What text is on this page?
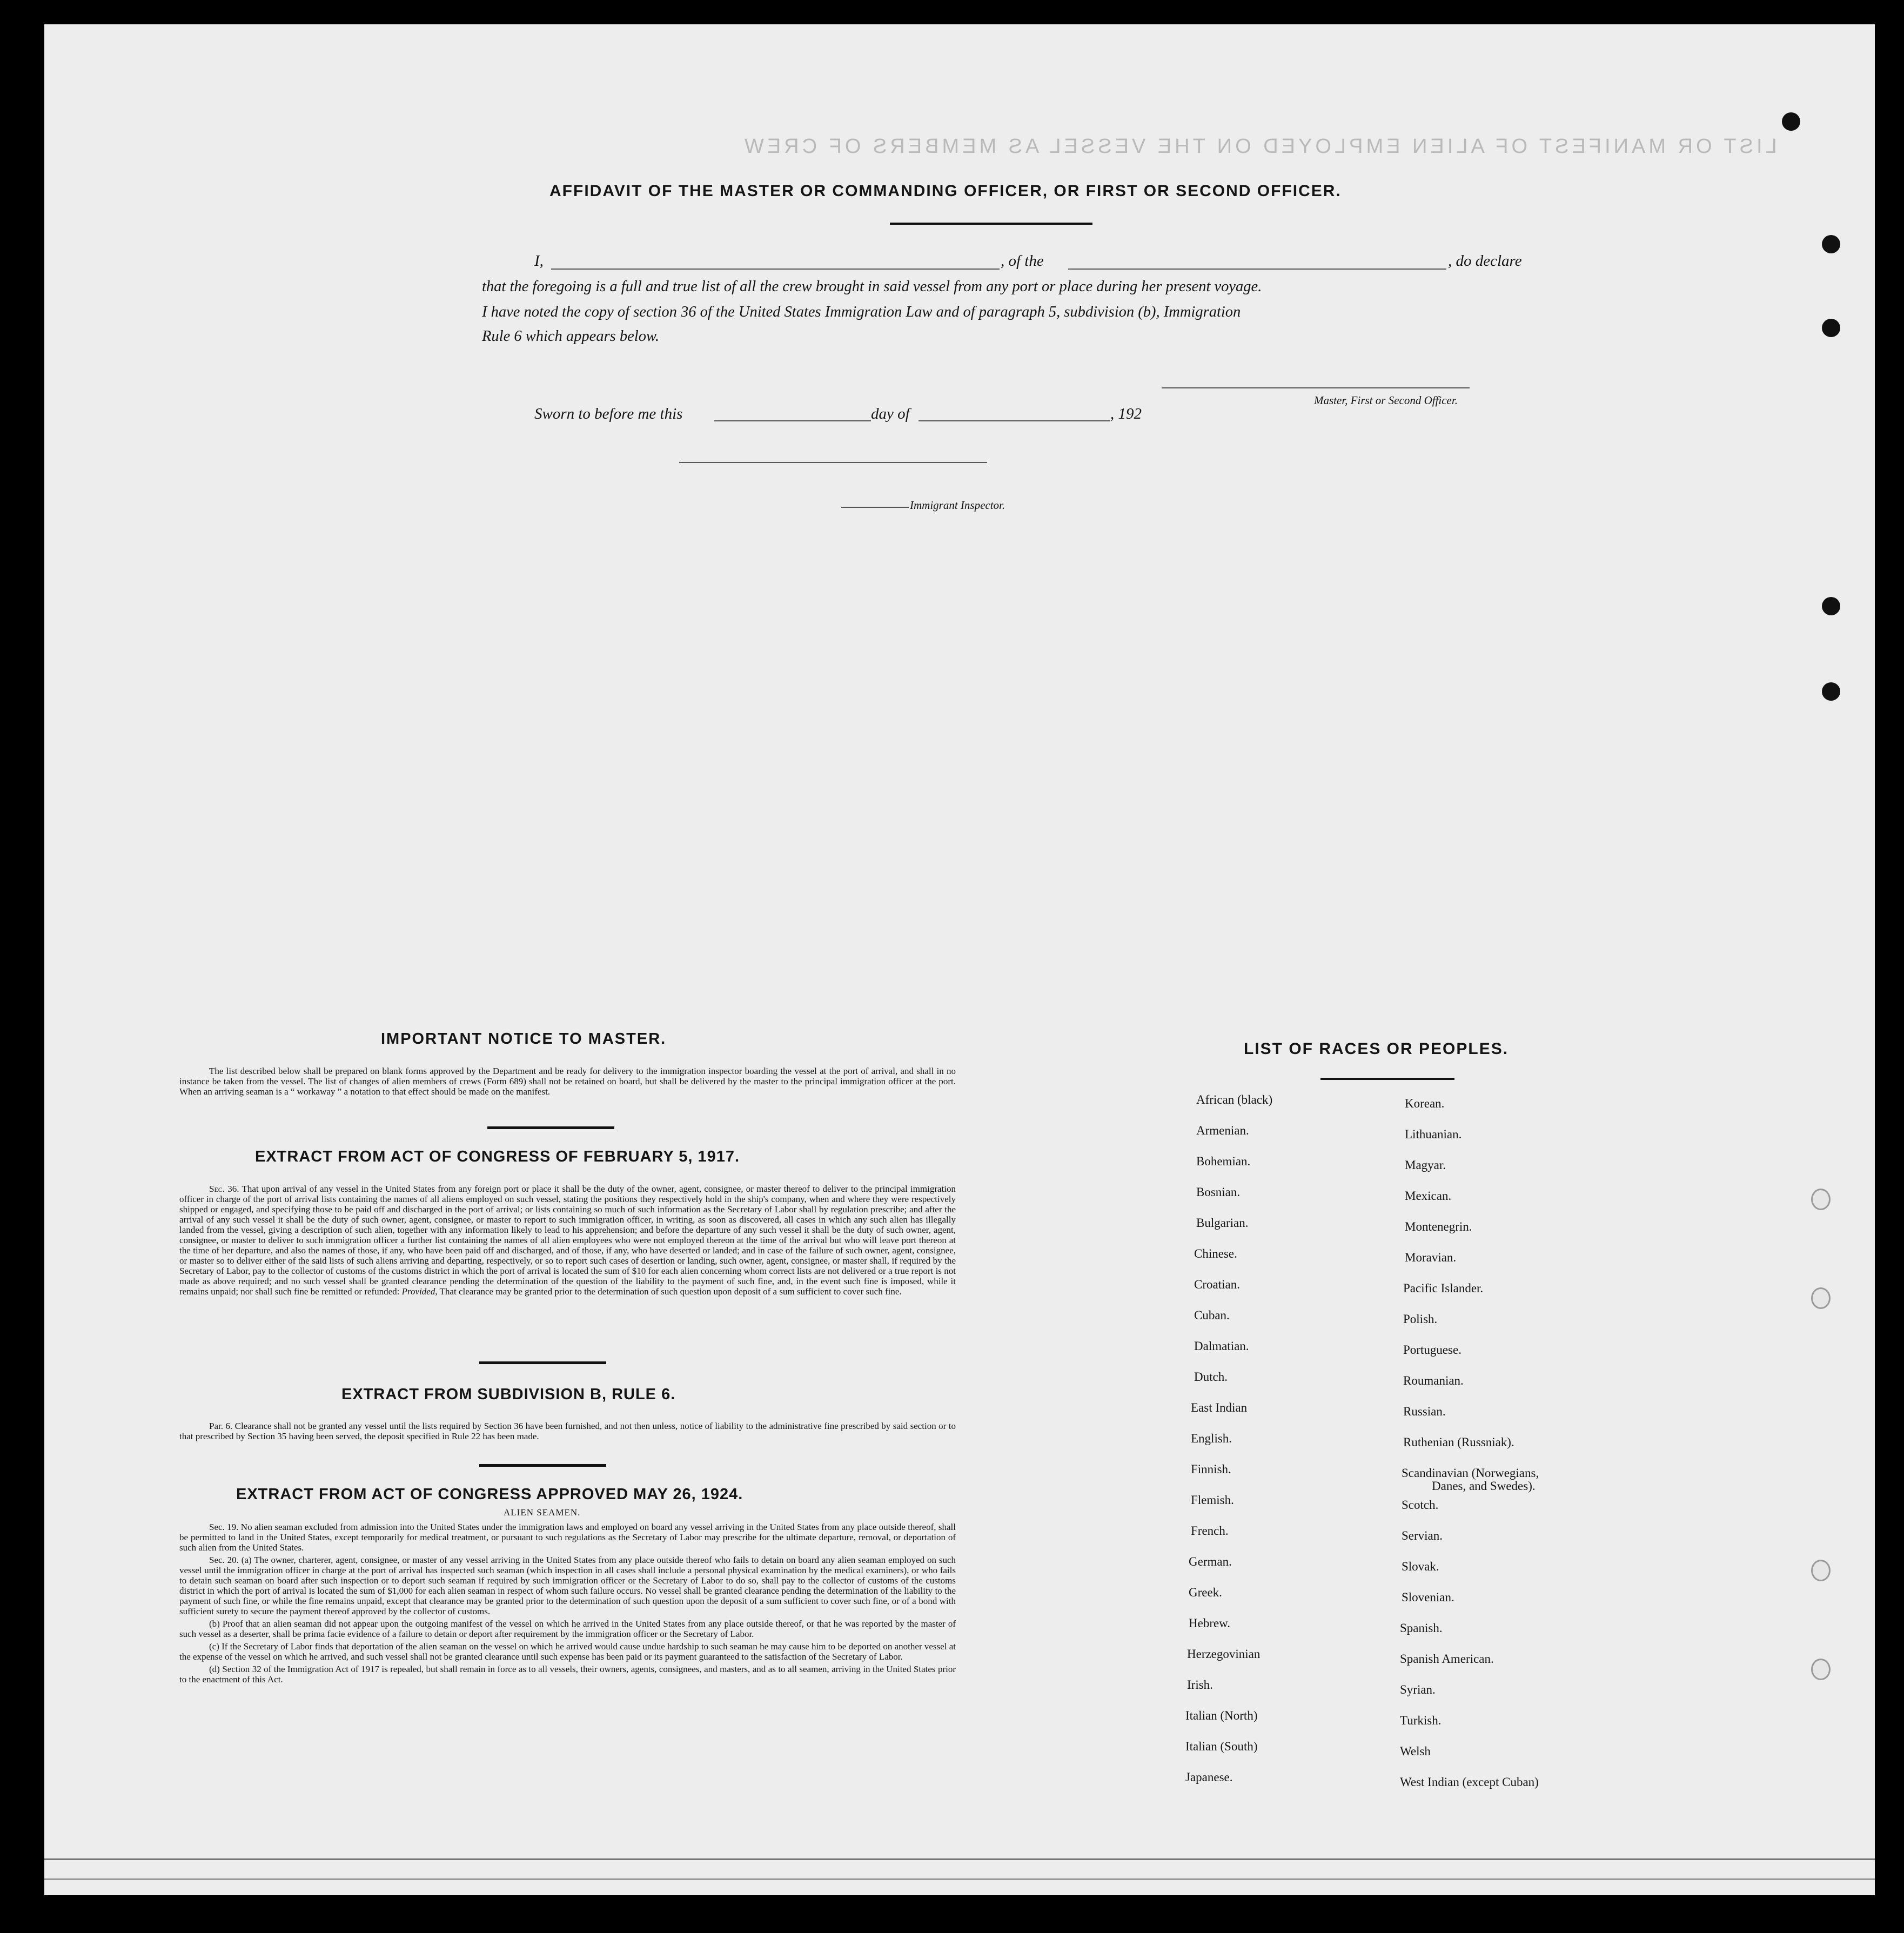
LIST OR MANIFEST OF ALIEN EMPLOYED ON THE VESSEL AS MEMBERS OF CREW
AFFIDAVIT OF THE MASTER OR COMMANDING OFFICER, OR FIRST OR SECOND OFFICER.
I,	, of the	, do declare
that the foregoing is a full and true list of all the crew brought in said vessel from any port or place during her present voyage.
I have noted the copy of section 36 of the United States Immigration Law and of paragraph 5, subdivision (b), Immigration
Rule 6 which appears below.
Master, First or Second Officer.
Sworn to before me this	day of	, 192
Immigrant Inspector.
IMPORTANT NOTICE TO MASTER.

The list described below shall be prepared on blank forms approved by the Department and be ready for delivery to the immigration inspector boarding the vessel at the port of arrival, and shall in no instance be taken from the vessel. The list of changes of alien members of crews (Form 689) shall not be retained on board, but shall be delivered by the master to the principal immigration officer at the port. When an arriving seaman is a “ workaway ” a notation to that effect should be made on the manifest.

EXTRACT FROM ACT OF CONGRESS OF FEBRUARY 5, 1917.

Sec. 36. That upon arrival of any vessel in the United States from any foreign port or place it shall be the duty of the owner, agent, consignee, or master thereof to deliver to the principal immigration officer in charge of the port of arrival lists containing the names of all aliens employed on such vessel, stating the positions they respectively hold in the ship's company, when and where they were respectively shipped or engaged, and specifying those to be paid off and discharged in the port of arrival; or lists containing so much of such information as the Secretary of Labor shall by regulation prescribe; and after the arrival of any such vessel it shall be the duty of such owner, agent, consignee, or master to report to such immigration officer, in writing, as soon as discovered, all cases in which any such alien has illegally landed from the vessel, giving a description of such alien, together with any information likely to lead to his apprehension; and before the departure of any such vessel it shall be the duty of such owner, agent, consignee, or master to deliver to such immigration officer a further list containing the names of all alien employees who were not employed thereon at the time of the arrival but who will leave port thereon at the time of her departure, and also the names of those, if any, who have been paid off and discharged, and of those, if any, who have deserted or landed; and in case of the failure of such owner, agent, consignee, or master so to deliver either of the said lists of such aliens arriving and departing, respectively, or so to report such cases of desertion or landing, such owner, agent, consignee, or master shall, if required by the Secretary of Labor, pay to the collector of customs of the customs district in which the port of arrival is located the sum of $10 for each alien concerning whom correct lists are not delivered or a true report is not made as above required; and no such vessel shall be granted clearance pending the determination of the question of the liability to the payment of such fine, and, in the event such fine is imposed, while it remains unpaid; nor shall such fine be remitted or refunded: Provided, That clearance may be granted prior to the determination of such question upon deposit of a sum sufficient to cover such fine.

EXTRACT FROM SUBDIVISION B, RULE 6.

Par. 6. Clearance shall not be granted any vessel until the lists required by Section 36 have been furnished, and not then unless, notice of liability to the administrative fine prescribed by said section or to that prescribed by Section 35 having been served, the deposit specified in Rule 22 has been made.

EXTRACT FROM ACT OF CONGRESS APPROVED MAY 26, 1924.
ALIEN SEAMEN.

Sec. 19. No alien seaman excluded from admission into the United States under the immigration laws and employed on board any vessel arriving in the United States from any place outside thereof, shall be permitted to land in the United States, except temporarily for medical treatment, or pursuant to such regulations as the Secretary of Labor may prescribe for the ultimate departure, removal, or deportation of such alien from the United States.

Sec. 20. (a) The owner, charterer, agent, consignee, or master of any vessel arriving in the United States from any place outside thereof who fails to detain on board any alien seaman employed on such vessel until the immigration officer in charge at the port of arrival has inspected such seaman (which inspection in all cases shall include a personal physical examination by the medical examiners), or who fails to detain such seaman on board after such inspection or to deport such seaman if required by such immigration officer or the Secretary of Labor to do so, shall pay to the collector of customs of the customs district in which the port of arrival is located the sum of $1,000 for each alien seaman in respect of whom such failure occurs. No vessel shall be granted clearance pending the determination of the liability to the payment of such fine, or while the fine remains unpaid, except that clearance may be granted prior to the determination of such question upon the deposit of a sum sufficient to cover such fine, or of a bond with sufficient surety to secure the payment thereof approved by the collector of customs.

(b) Proof that an alien seaman did not appear upon the outgoing manifest of the vessel on which he arrived in the United States from any place outside thereof, or that he was reported by the master of such vessel as a deserter, shall be prima facie evidence of a failure to detain or deport after requirement by the immigration officer or the Secretary of Labor.

(c) If the Secretary of Labor finds that deportation of the alien seaman on the vessel on which he arrived would cause undue hardship to such seaman he may cause him to be deported on another vessel at the expense of the vessel on which he arrived, and such vessel shall not be granted clearance until such expense has been paid or its payment guaranteed to the satisfaction of the Secretary of Labor.

(d) Section 32 of the Immigration Act of 1917 is repealed, but shall remain in force as to all vessels, their owners, agents, consignees, and masters, and as to all seamen, arriving in the United States prior to the enactment of this Act.

LIST OF RACES OR PEOPLES.
African (black)
Armenian.
Bohemian.
Bosnian.
Bulgarian.
Chinese.
Croatian.
Cuban.
Dalmatian.
Dutch.
East Indian
English.
Finnish.
Flemish.
French.
German.
Greek.
Hebrew.
Herzegovinian
Irish.
Italian (North)
Italian (South)
Japanese.
Korean.
Lithuanian.
Magyar.
Mexican.
Montenegrin.
Moravian.
Pacific Islander.
Polish.
Portuguese.
Roumanian.
Russian.
Ruthenian (Russniak).
Scandinavian (Norwegians,
Danes, and Swedes).
Scotch.
Servian.
Slovak.
Slovenian.
Spanish.
Spanish American.
Syrian.
Turkish.
Welsh
West Indian (except Cuban)
